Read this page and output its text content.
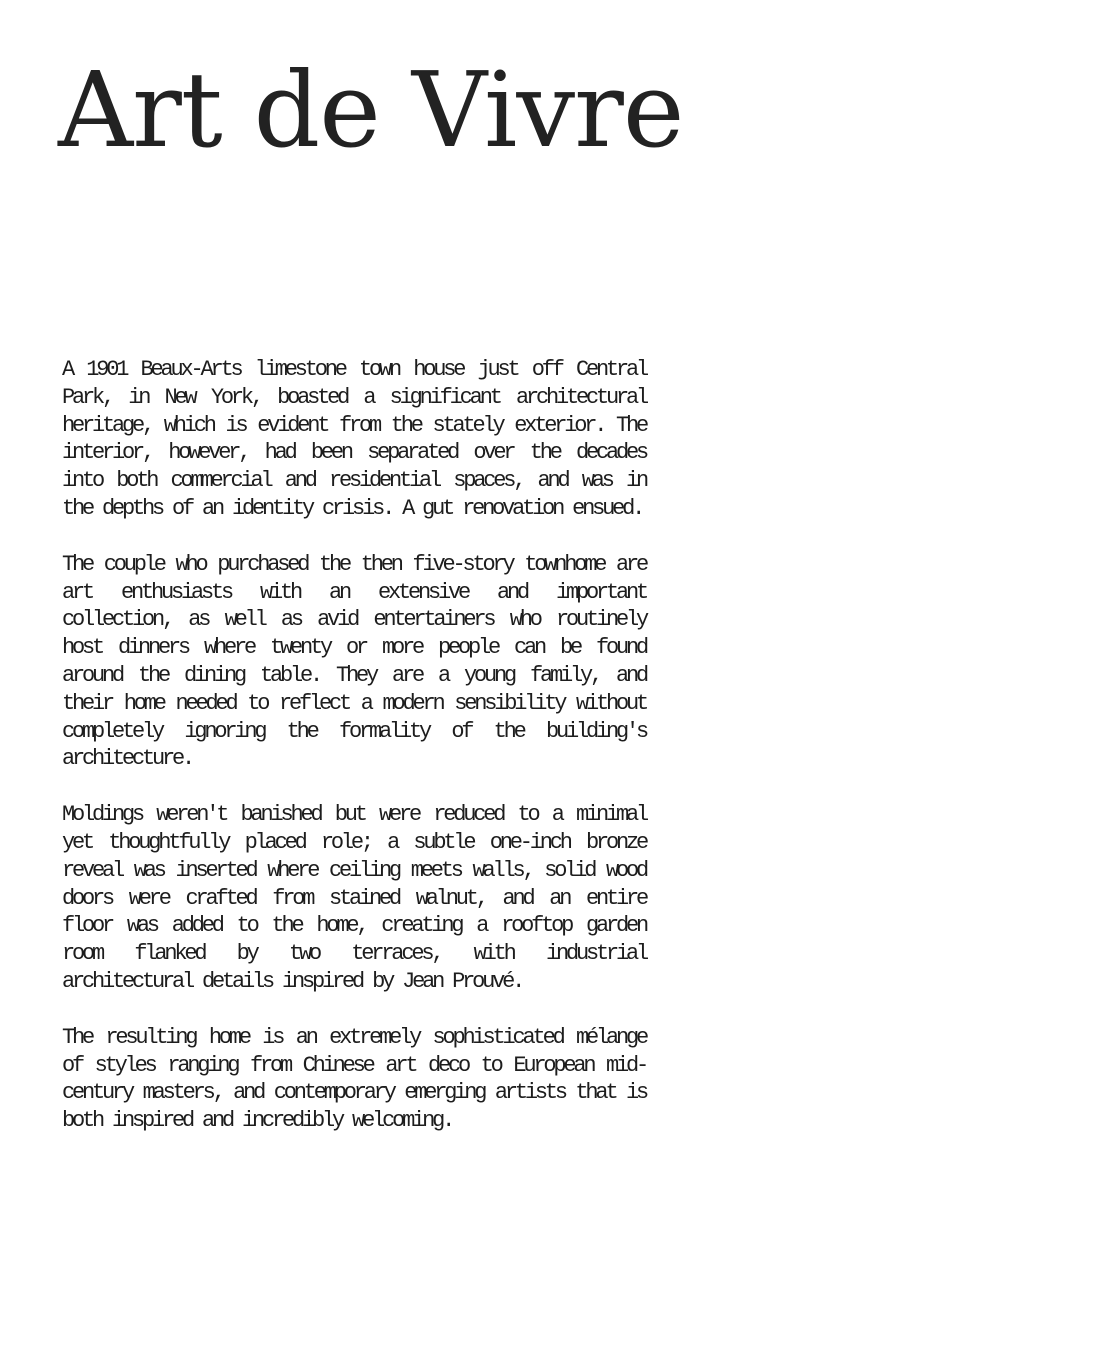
Art de Vivre

A 1901 Beaux-Arts limestone town house just off Central Park, in New York, boasted a significant architectural heritage, which is evident from the stately exterior. The interior, however, had been separated over the decades into both commercial and residential spaces, and was in the depths of an identity crisis. A gut renovation ensued.

The couple who purchased the then five-story townhome are art enthusiasts with an extensive and important collection, as well as avid entertainers who routinely host dinners where twenty or more people can be found around the dining table. They are a young family, and their home needed to reflect a modern sensibility without completely ignoring the formality of the building's architecture.

Moldings weren't banished but were reduced to a minimal yet thoughtfully placed role; a subtle one-inch bronze reveal was inserted where ceiling meets walls, solid wood doors were crafted from stained walnut, and an entire floor was added to the home, creating a rooftop garden room flanked by two terraces, with industrial architectural details inspired by Jean Prouvé.

The resulting home is an extremely sophisticated mélange of styles ranging from Chinese art deco to European mid-century masters, and contemporary emerging artists that is both inspired and incredibly welcoming.
